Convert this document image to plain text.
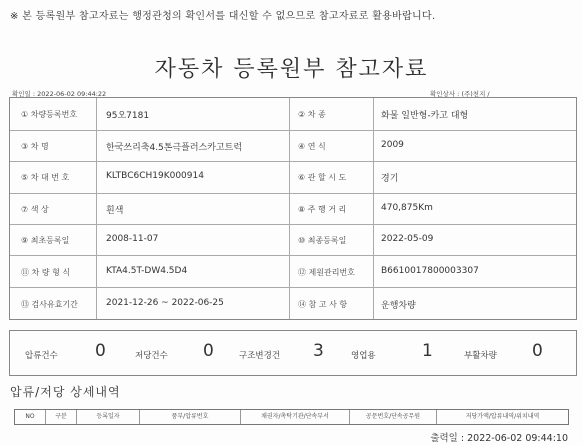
※ 본 등록원부 참고자료는 행정관청의 확인서를 대신할 수 없으므로 참고자료로 활용바랍니다.
자동차 등록원부 참고자료
확인일 : 2022-06-02 09:44:22	확인상사 : (주)천지 /
① 차량등록번호	95오7181	② 차 종	화물 일반형-카고 대형
③ 차 명	한국쓰리축4.5톤극플러스카고트럭	④ 연 식	2009
⑤ 차 대 번 호	KLTBC6CH19K000914	⑥ 관 할 시 도	경기
⑦ 색 상	흰색	⑧ 주 행 거 리	470,875Km
⑨ 최초등록일	2008-11-07	⑩ 최종등록일	2022-05-09
⑪ 차 량 형 식	KTA4.5T-DW4.5D4	⑫ 제원관리번호	B6610017800003307
⑬ 검사유효기간	2021-12-26 ~ 2022-06-25	⑭ 참 고 사 항	운행차량
압류건수 0	저당건수 0	구조변경건 3	영업용	1	부활차량 0
압류/저당 상세내역
NO	구분	등록일자	품부/압류번호	채권자/촉탁기관/단속부서	공문번호/단속공무원	저당가액/압류내역/위치내역
출력일 : 2022-06-02 09:44:10
